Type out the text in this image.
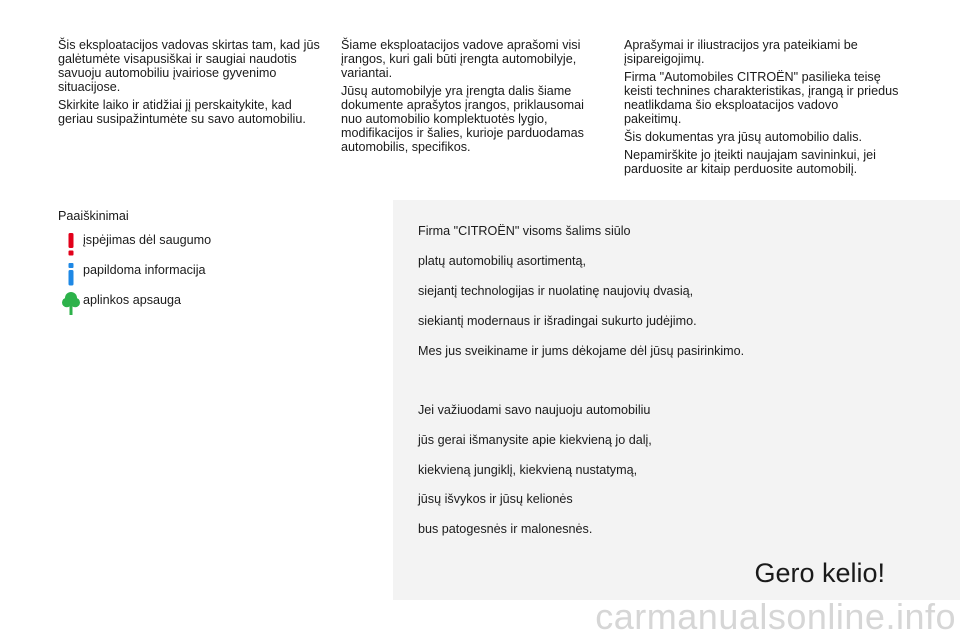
Šis eksploatacijos vadovas skirtas tam, kad jūs galėtumėte visapusiškai ir saugiai naudotis savuoju automobiliu įvairiose gyvenimo situacijose.

Skirkite laiko ir atidžiai jį perskaitykite, kad geriau susipažintumėte su savo automobiliu.

Šiame eksploatacijos vadove aprašomi visi įrangos, kuri gali būti įrengta automobilyje, variantai.

Jūsų automobilyje yra įrengta dalis šiame dokumente aprašytos įrangos, priklausomai nuo automobilio komplektuotės lygio, modifikacijos ir šalies, kurioje parduodamas automobilis, specifikos.

Aprašymai ir iliustracijos yra pateikiami be įsipareigojimų.

Firma "Automobiles CITROËN" pasilieka teisę keisti technines charakteristikas, įrangą ir priedus neatlikdama šio eksploatacijos vadovo pakeitimų.

Šis dokumentas yra jūsų automobilio dalis.

Nepamirškite jo įteikti naujajam savininkui, jei parduosite ar kitaip perduosite automobilį.

Paaiškinimai
įspėjimas dėl saugumo
papildoma informacija
aplinkos apsauga
Firma "CITROËN" visoms šalims siūlo
platų automobilių asortimentą,
siejantį technologijas ir nuolatinę naujovių dvasią,
siekiantį modernaus ir išradingai sukurto judėjimo.
Mes jus sveikiname ir jums dėkojame dėl jūsų pasirinkimo.
Jei važiuodami savo naujuoju automobiliu
jūs gerai išmanysite apie kiekvieną jo dalį,
kiekvieną jungiklį, kiekvieną nustatymą,
jūsų išvykos ir jūsų kelionės
bus patogesnės ir malonesnės.
Gero kelio!
carmanualsonline.info
